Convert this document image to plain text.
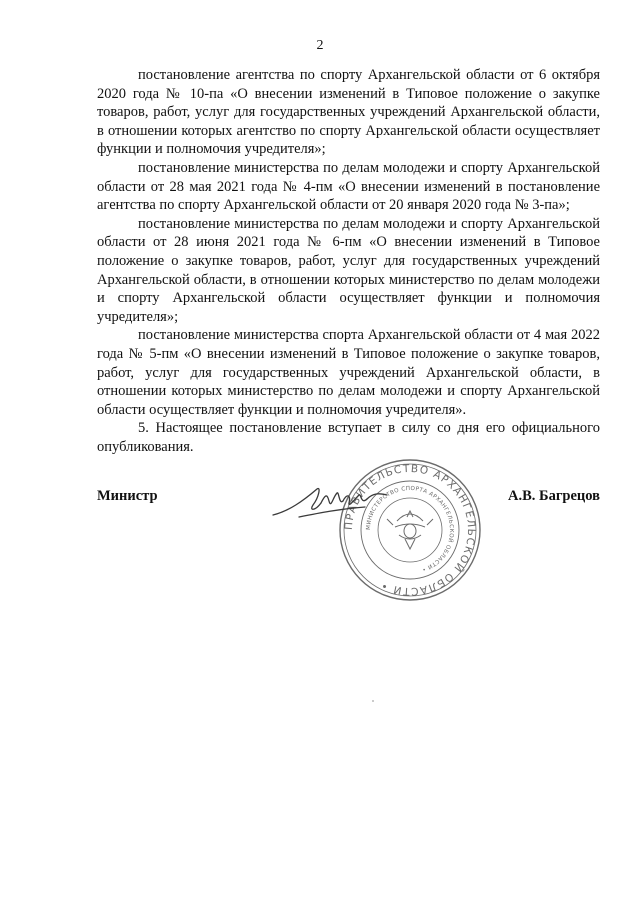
2

постановление агентства по спорту Архангельской области от 6 октября 2020 года № 10-па «О внесении изменений в Типовое положение о закупке товаров, работ, услуг для государственных учреждений Архангельской области, в отношении которых агентство по спорту Архангельской области осуществляет функции и полномочия учредителя»;

постановление министерства по делам молодежи и спорту Архангельской области от 28 мая 2021 года № 4-пм «О внесении изменений в постановление агентства по спорту Архангельской области от 20 января 2020 года № 3-па»;

постановление министерства по делам молодежи и спорту Архангельской области от 28 июня 2021 года № 6-пм «О внесении изменений в Типовое положение о закупке товаров, работ, услуг для государственных учреждений Архангельской области, в отношении которых министерство по делам молодежи и спорту Архангельской области осуществляет функции и полномочия учредителя»;

постановление министерства спорта Архангельской области от 4 мая 2022 года № 5-пм «О внесении изменений в Типовое положение о закупке товаров, работ, услуг для государственных учреждений Архангельской области, в отношении которых министерство по делам молодежи и спорту Архангельской области осуществляет функции и полномочия учредителя».

5. Настоящее постановление вступает в силу со дня его официального опубликования.

Министр
ПРАВИТЕЛЬСТВО АРХАНГЕЛЬСКОЙ ОБЛАСТИ •
МИНИСТЕРСТВО СПОРТА АРХАНГЕЛЬСКОЙ ОБЛАСТИ •
А.В. Багрецов
